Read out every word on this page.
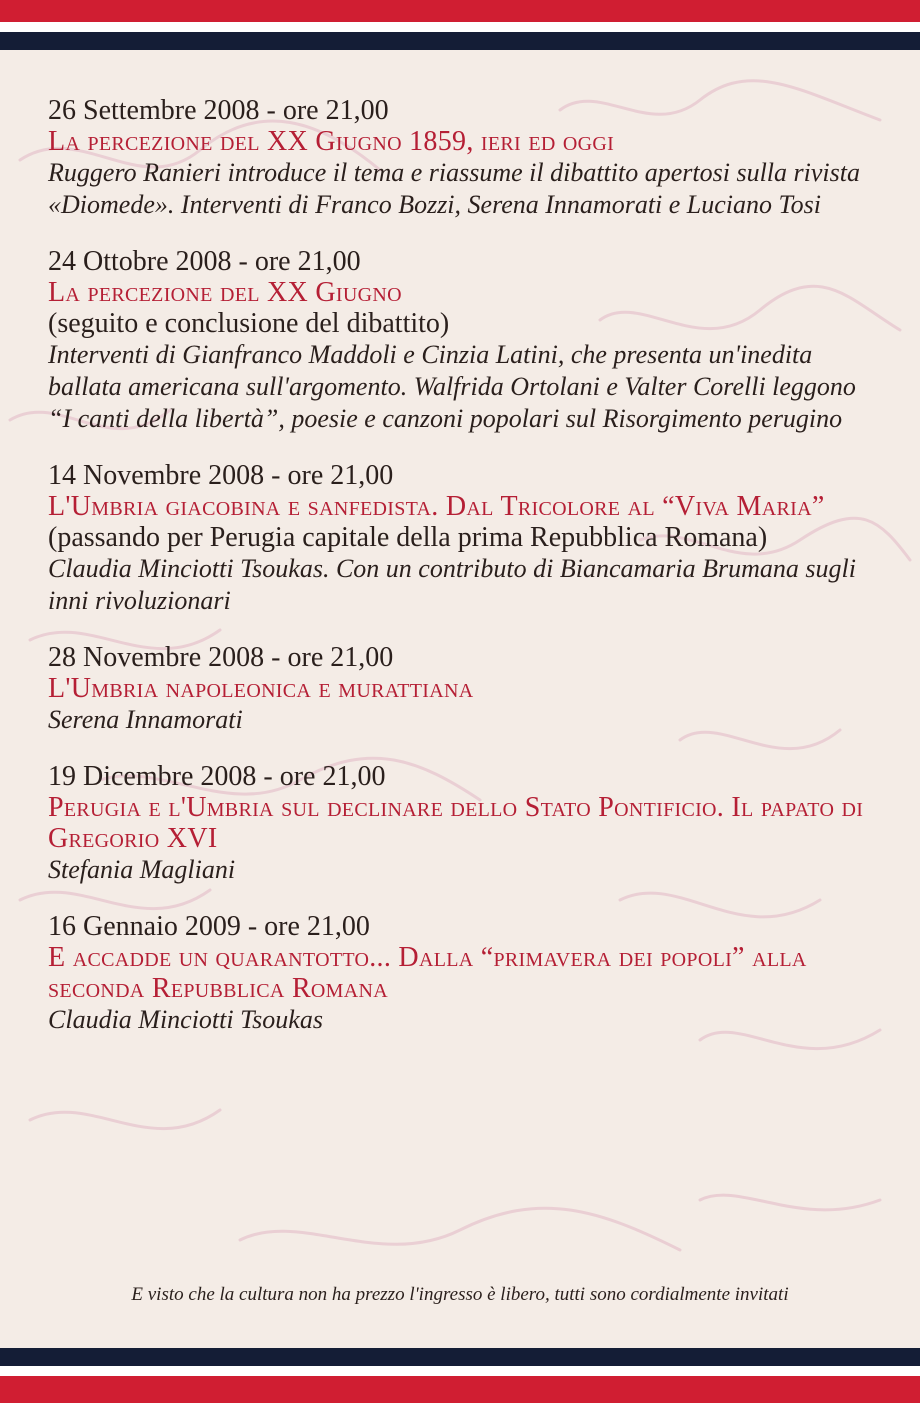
26 Settembre 2008 - ore 21,00
La percezione del XX Giugno 1859, ieri ed oggi
Ruggero Ranieri introduce il tema e riassume il dibattito apertosi sulla rivista «Diomede». Interventi di Franco Bozzi, Serena Innamorati e Luciano Tosi
24 Ottobre 2008 - ore 21,00
La percezione del XX Giugno
(seguito e conclusione del dibattito)
Interventi di Gianfranco Maddoli e Cinzia Latini, che presenta un'inedita ballata americana sull'argomento. Walfrida Ortolani e Valter Corelli leggono “I canti della libertà”, poesie e canzoni popolari sul Risorgimento perugino
14 Novembre 2008 - ore 21,00
L'Umbria giacobina e sanfedista. Dal Tricolore al “Viva Maria”
(passando per Perugia capitale della prima Repubblica Romana)
Claudia Minciotti Tsoukas. Con un contributo di Biancamaria Brumana sugli inni rivoluzionari
28 Novembre 2008 - ore 21,00
L'Umbria napoleonica e murattiana
Serena Innamorati
19 Dicembre 2008 - ore 21,00
Perugia e l'Umbria sul declinare dello Stato Pontificio. Il papato di Gregorio XVI
Stefania Magliani
16 Gennaio 2009 - ore 21,00
E accadde un quarantotto... Dalla “primavera dei popoli” alla seconda Repubblica Romana
Claudia Minciotti Tsoukas
E visto che la cultura non ha prezzo l'ingresso è libero, tutti sono cordialmente invitati
